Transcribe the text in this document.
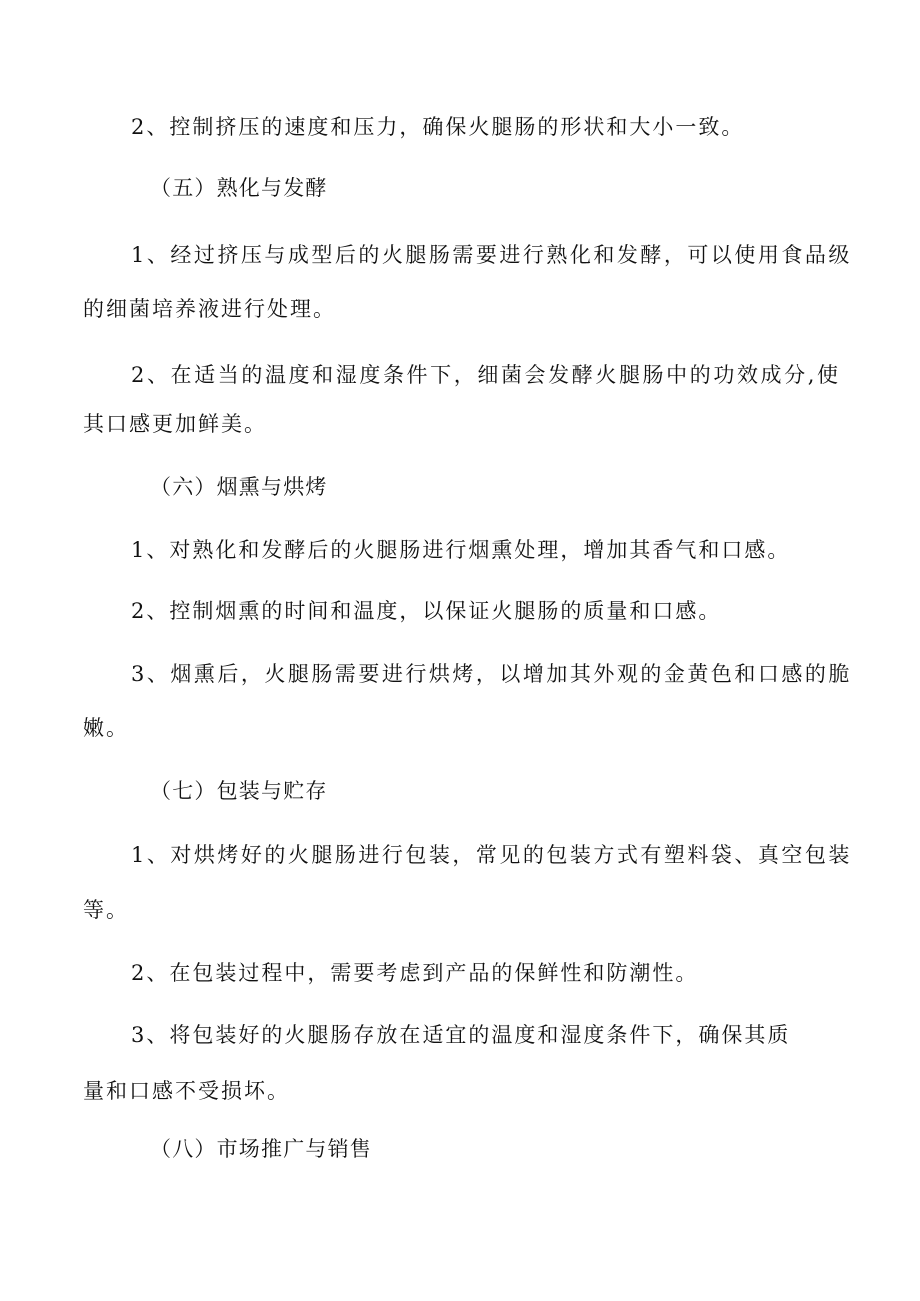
2、控制挤压的速度和压力，确保火腿肠的形状和大小一致。
（五）熟化与发酵
1、经过挤压与成型后的火腿肠需要进行熟化和发酵，可以使用食品级
的细菌培养液进行处理。
2、在适当的温度和湿度条件下，细菌会发酵火腿肠中的功效成分,使
其口感更加鲜美。
（六）烟熏与烘烤
1、对熟化和发酵后的火腿肠进行烟熏处理，增加其香气和口感。
2、控制烟熏的时间和温度，以保证火腿肠的质量和口感。
3、烟熏后，火腿肠需要进行烘烤，以增加其外观的金黄色和口感的脆
嫩。
（七）包装与贮存
1、对烘烤好的火腿肠进行包装，常见的包装方式有塑料袋、真空包装
等。
2、在包装过程中，需要考虑到产品的保鲜性和防潮性。
3、将包装好的火腿肠存放在适宜的温度和湿度条件下，确保其质
量和口感不受损坏。
（八）市场推广与销售
